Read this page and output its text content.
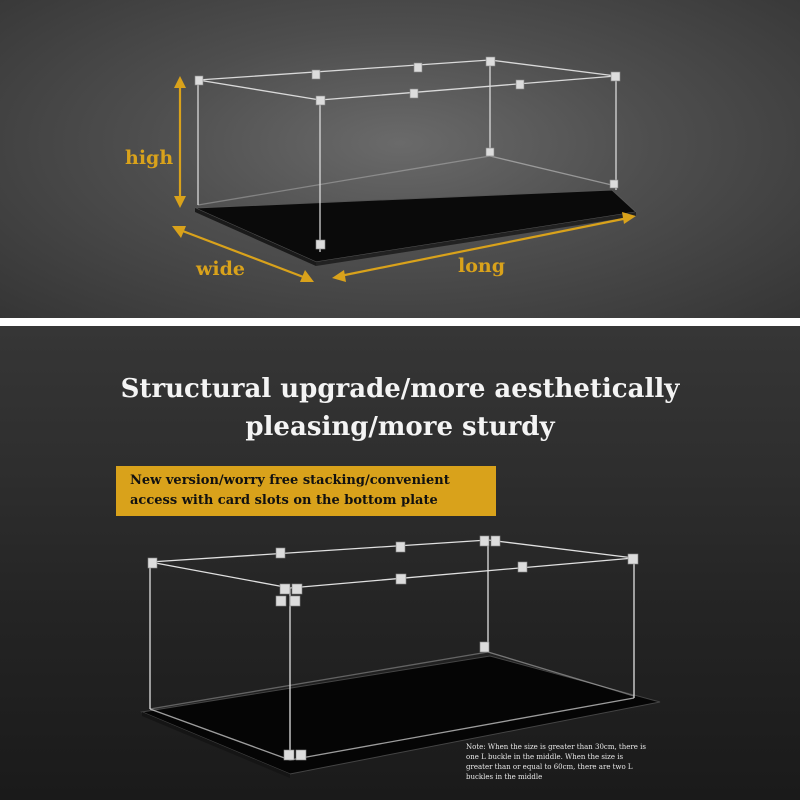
high
wide	long
Structural upgrade/more aesthetically
pleasing/more sturdy
New version/worry free stacking/convenient
access with card slots on the bottom plate
Note: When the size is greater than 30cm, there is
one L buckle in the middle. When the size is
greater than or equal to 60cm, there are two L
buckles in the middle
